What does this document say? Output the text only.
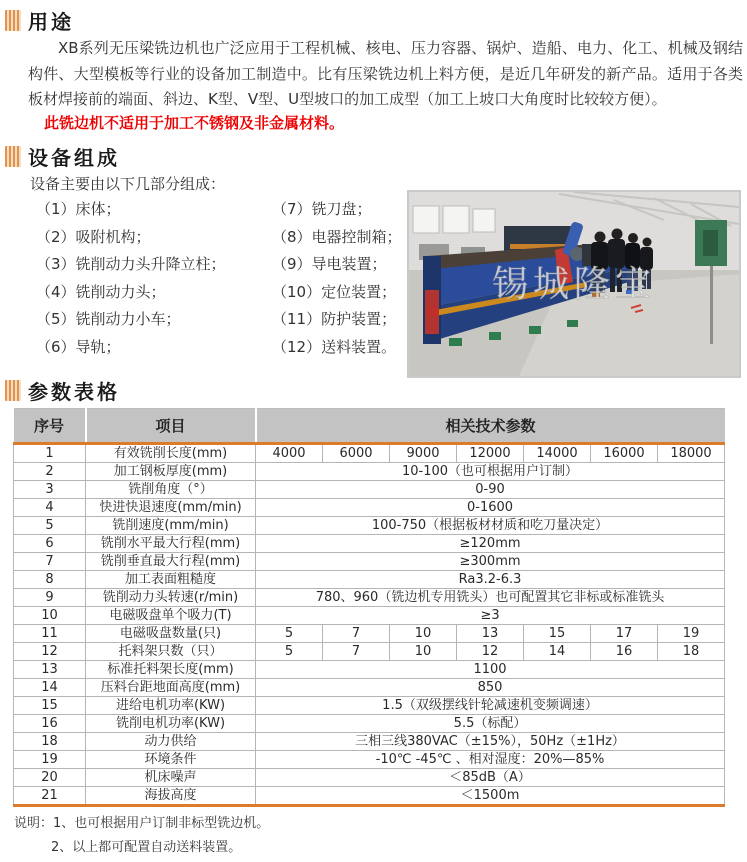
用途
XB系列无压梁铣边机也广泛应用于工程机械、核电、压力容器、锅炉、造船、电力、化工、机械及钢结构件、大型模板等行业的设备加工制造中。比有压梁铣边机上料方便，是近几年研发的新产品。适用于各类板材焊接前的端面、斜边、K型、V型、U型坡口的加工成型（加工上坡口大角度时比较较方便）。
此铣边机不适用于加工不锈钢及非金属材料。
设备组成
设备主要由以下几部分组成：
（1）床体；
（2）吸附机构；
（3）铣削动力头升降立柱；
（4）铣削动力头；
（5）铣削动力小车；
（6）导轨；
（7）铣刀盘；
（8）电器控制箱；
（9）导电装置；
（10）定位装置；
（11）防护装置；
（12）送料装置。
锡城隆宝
参数表格
序号	项目	相关技术参数						
1	有效铣削长度(mm)	4000	6000	9000	12000	14000	16000	18000
2	加工钢板厚度(mm)	10-100（也可根据用户订制）						
3	铣削角度（°）	0-90						
4	快进快退速度(mm/min)	0-1600						
5	铣削速度(mm/min)	100-750（根据板材材质和吃刀量决定）						
6	铣削水平最大行程(mm)	≥120mm						
7	铣削垂直最大行程(mm)	≥300mm						
8	加工表面粗糙度	Ra3.2-6.3						
9	铣削动力头转速(r/min)	780、960（铣边机专用铣头）也可配置其它非标或标准铣头						
10	电磁吸盘单个吸力(T)	≥3						
11	电磁吸盘数量(只)	5	7	10	13	15	17	19
12	托料架只数（只）	5	7	10	12	14	16	18
13	标准托料架长度(mm)	1100						
14	压料台距地面高度(mm)	850						
15	进给电机功率(KW)	1.5（双级摆线针轮减速机变频调速）						
16	铣削电机功率(KW)	5.5（标配）						
18	动力供给	三相三线380VAC（±15%），50Hz（±1Hz）						
19	环境条件	-10℃ -45℃ 、相对湿度：20%—85%						
20	机床噪声	＜85dB（A）						
21	海拔高度	＜1500m						
说明：1、也可根据用户订制非标型铣边机。
2、以上都可配置自动送料装置。
